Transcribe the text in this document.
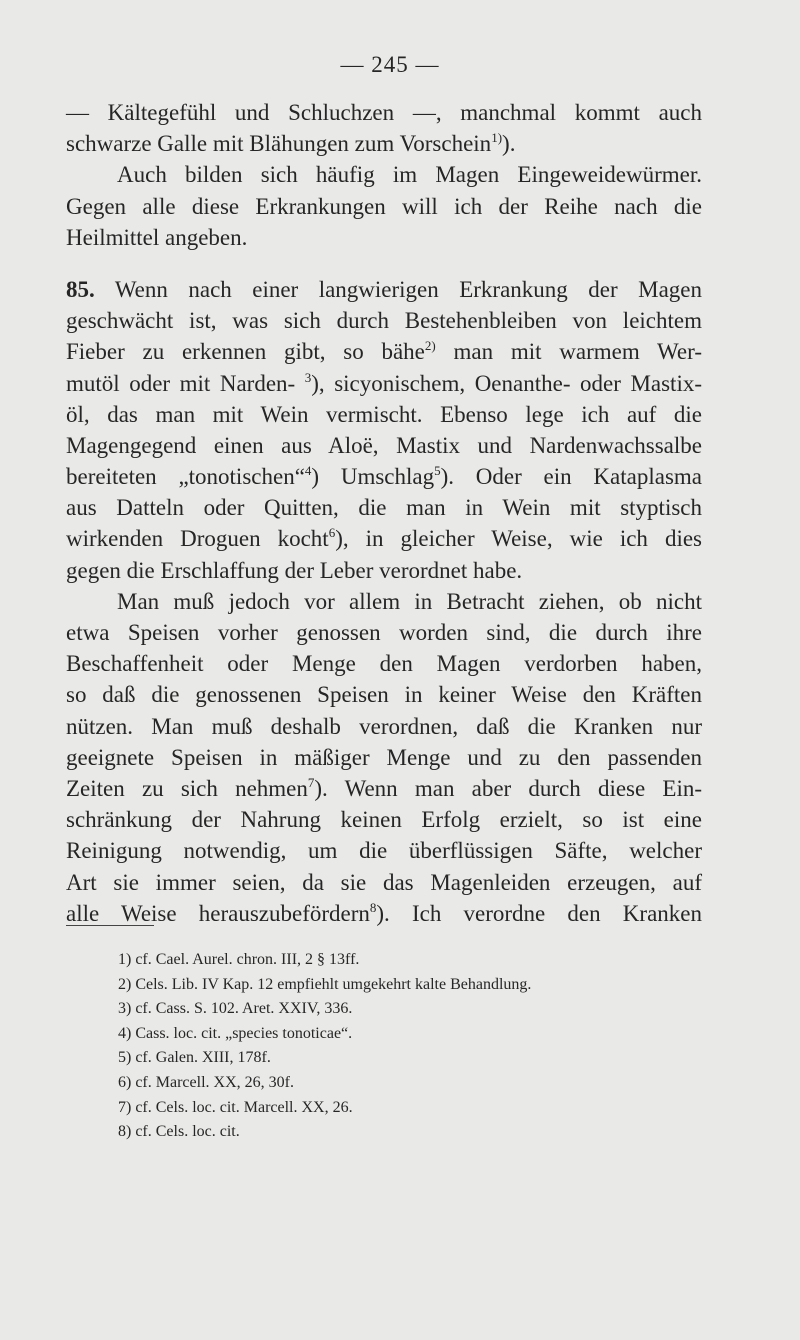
— 245 —
— Kältegefühl und Schluchzen —, manchmal kommt auch
schwarze Galle mit Blähungen zum Vorschein$^{1)}$).
Auch bilden sich häufig im Magen Eingeweidewürmer.
Gegen alle diese Erkrankungen will ich der Reihe nach die
Heilmittel angeben.
85. Wenn nach einer langwierigen Erkrankung der Magen
geschwächt ist, was sich durch Bestehenbleiben von leichtem
Fieber zu erkennen gibt, so bähe$^{2)}$ man mit warmem Wer-
mutöl oder mit Narden- $^3$), sicyonischem, Oenanthe- oder Mastix-
öl, das man mit Wein vermischt. Ebenso lege ich auf die
Magengegend einen aus Aloë, Mastix und Nardenwachssalbe
bereiteten „tonotischen“$^4$) Umschlag$^5$). Oder ein Kataplasma
aus Datteln oder Quitten, die man in Wein mit styptisch
wirkenden Droguen kocht$^6$), in gleicher Weise, wie ich dies
gegen die Erschlaffung der Leber verordnet habe.
Man muß jedoch vor allem in Betracht ziehen, ob nicht
etwa Speisen vorher genossen worden sind, die durch ihre
Beschaffenheit oder Menge den Magen verdorben haben,
so daß die genossenen Speisen in keiner Weise den Kräften
nützen. Man muß deshalb verordnen, daß die Kranken nur
geeignete Speisen in mäßiger Menge und zu den passenden
Zeiten zu sich nehmen$^7$). Wenn man aber durch diese Ein-
schränkung der Nahrung keinen Erfolg erzielt, so ist eine
Reinigung notwendig, um die überflüssigen Säfte, welcher
Art sie immer seien, da sie das Magenleiden erzeugen, auf
alle Weise herauszubefördern$^8$). Ich verordne den Kranken
1) cf. Cael. Aurel. chron. III, 2 § 13ff.
2) Cels. Lib. IV Kap. 12 empfiehlt umgekehrt kalte Behandlung.
3) cf. Cass. S. 102. Aret. XXIV, 336.
4) Cass. loc. cit. „species tonoticae“.
5) cf. Galen. XIII, 178f.
6) cf. Marcell. XX, 26, 30f.
7) cf. Cels. loc. cit. Marcell. XX, 26.
8) cf. Cels. loc. cit.
